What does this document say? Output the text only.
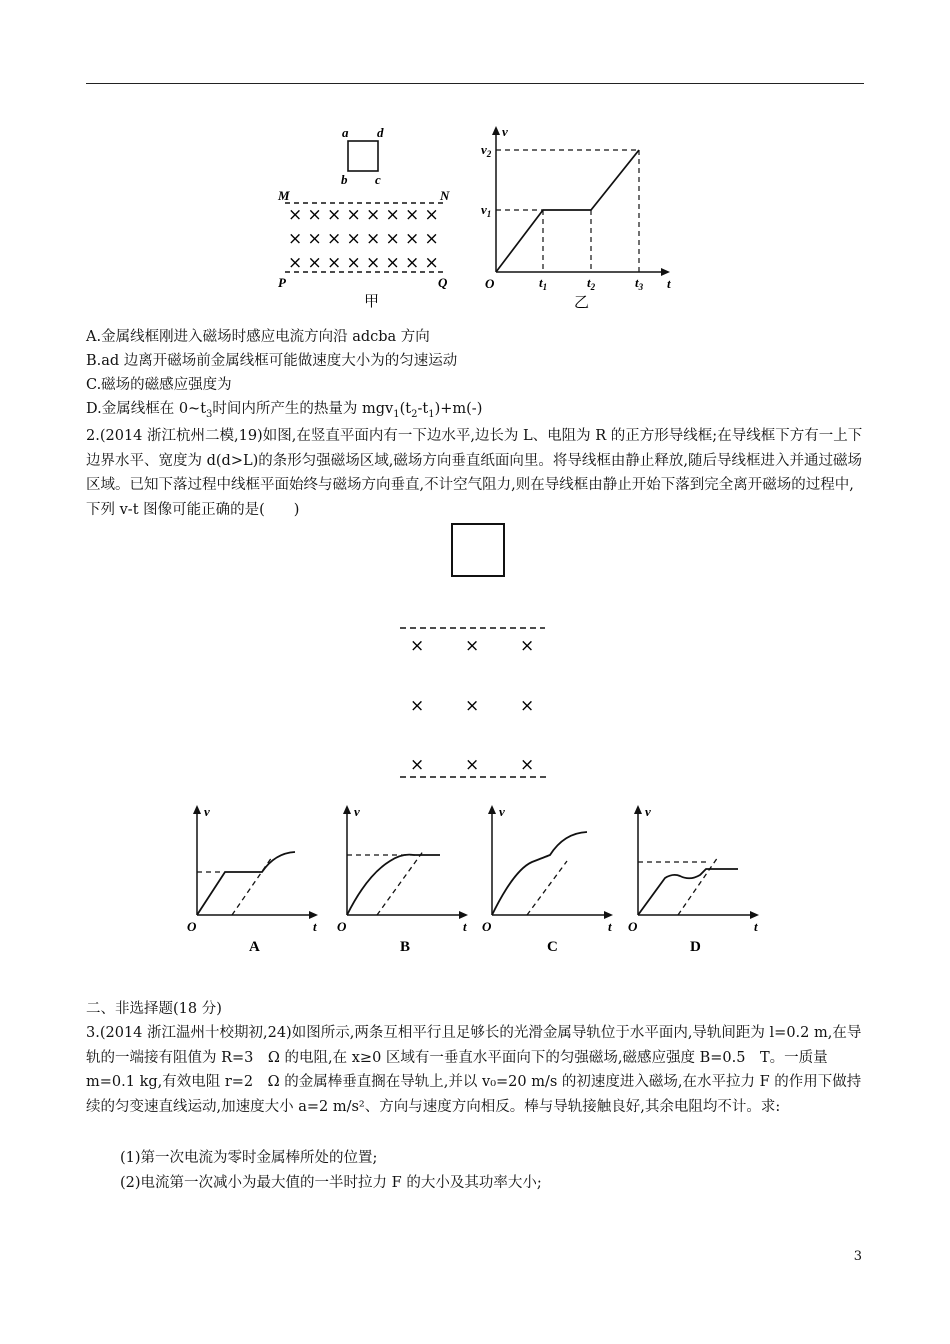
a d
b c
M	N
× × × × × × × ×
× × × × × × × ×
× × × × × × × ×
P	Q
甲
v
t
O
v2
v1
t1	t2	t3
乙
A.金属线框刚进入磁场时感应电流方向沿 adcba 方向
B.ad 边离开磁场前金属线框可能做速度大小为的匀速运动
C.磁场的磁感应强度为
D.金属线框在 $0\sim t_3$时间内所产生的热量为 $mgv_1(t_2-t_1)+m(-)$
2.(2014 浙江杭州二模,19)如图,在竖直平面内有一下边水平,边长为 L、电阻为 R 的正方形导线框;在导线框下方有一上下边界水平、宽度为 d(d>L)的条形匀强磁场区域,磁场方向垂直纸面向里。将导线框由静止释放,随后导线框进入并通过磁场区域。已知下落过程中线框平面始终与磁场方向垂直,不计空气阻力,则在导线框由静止开始下落到完全离开磁场的过程中,下列 v-t 图像可能正确的是(　　)
× × ×
× × ×
× × ×
v
t
O
A
v
t
O
B
v
t
O
C
v
t
O
D
二、非选择题(18 分)
3.(2014 浙江温州十校期初,24)如图所示,两条互相平行且足够长的光滑金属导轨位于水平面内,导轨间距为 l=0.2 m,在导轨的一端接有阻值为 R=3　Ω 的电阻,在 x≥0 区域有一垂直水平面向下的匀强磁场,磁感应强度 B=0.5　T。一质量 m=0.1 kg,有效电阻 r=2　Ω 的金属棒垂直搁在导轨上,并以 v₀=20 m/s 的初速度进入磁场,在水平拉力 F 的作用下做持续的匀变速直线运动,加速度大小 a=2 m/s²、方向与速度方向相反。棒与导轨接触良好,其余电阻均不计。求:
(1)第一次电流为零时金属棒所处的位置;
(2)电流第一次减小为最大值的一半时拉力 F 的大小及其功率大小;
3
